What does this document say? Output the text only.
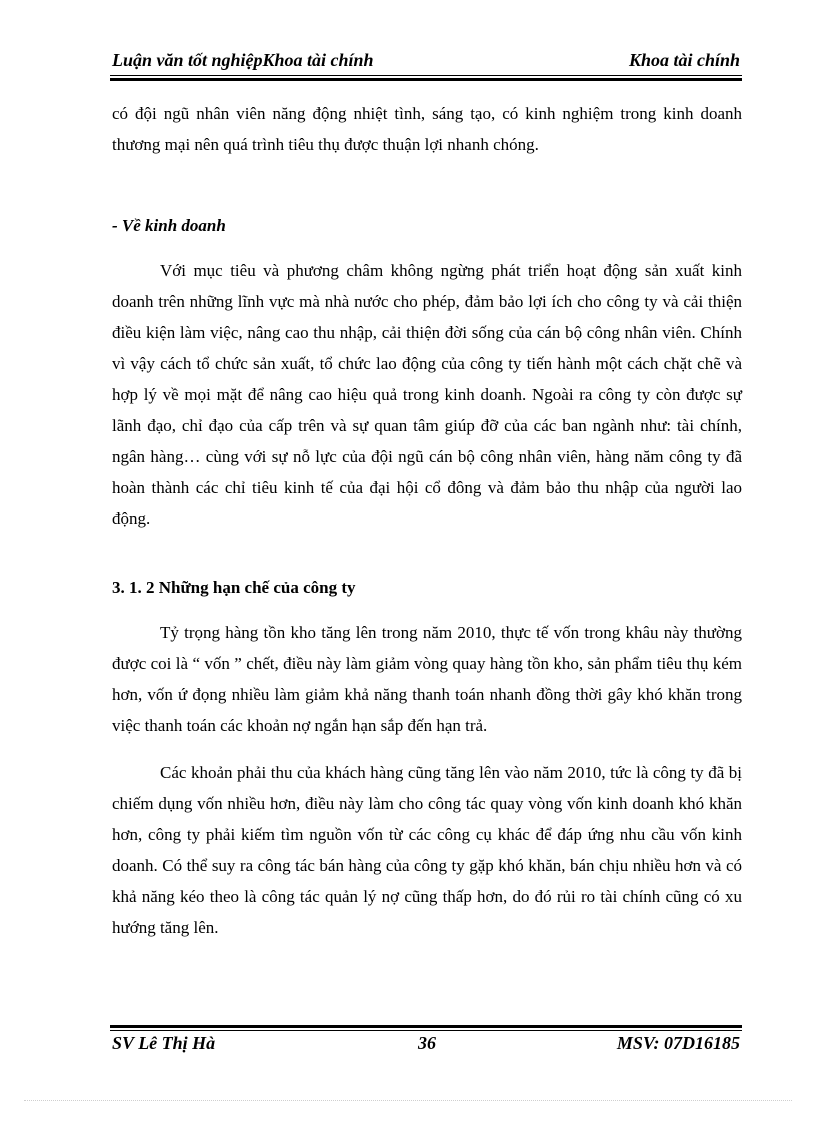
Luận văn tốt nghiệpKhoa tài chính	Khoa tài chính

có đội ngũ nhân viên năng động nhiệt tình, sáng tạo, có kinh nghiệm trong kinh doanh thương mại nên quá trình tiêu thụ được thuận lợi nhanh chóng.

- Về kinh doanh

Với mục tiêu và phương châm không ngừng phát triển hoạt động sản xuất kinh doanh trên những lĩnh vực mà nhà nước cho phép, đảm bảo lợi ích cho công ty và cải thiện điều kiện làm việc, nâng cao thu nhập, cải thiện đời sống của cán bộ công nhân viên. Chính vì vậy cách tổ chức sản xuất, tổ chức lao động của công ty tiến hành một cách chặt chẽ và hợp lý về mọi mặt để nâng cao hiệu quả trong kinh doanh. Ngoài ra công ty còn được sự lãnh đạo, chỉ đạo của cấp trên và sự quan tâm giúp đỡ của các ban ngành như: tài chính, ngân hàng… cùng với sự nỗ lực của đội ngũ cán bộ công nhân viên, hàng năm công ty đã hoàn thành các chỉ tiêu kinh tế của đại hội cổ đông và đảm bảo thu nhập của người lao động.

3. 1. 2 Những hạn chế của công ty

Tỷ trọng hàng tồn kho tăng lên trong năm 2010, thực tế vốn trong khâu này thường được coi là “ vốn ” chết, điều này làm giảm vòng quay hàng tồn kho, sản phẩm tiêu thụ kém hơn, vốn ứ đọng nhiều làm giảm khả năng thanh toán nhanh đồng thời gây khó khăn trong việc thanh toán các khoản nợ ngắn hạn sắp đến hạn trả.

Các khoản phải thu của khách hàng cũng tăng lên vào năm 2010, tức là công ty đã bị chiếm dụng vốn nhiều hơn, điều này làm cho công tác quay vòng vốn kinh doanh khó khăn hơn, công ty phải kiếm tìm nguồn vốn từ các công cụ khác để đáp ứng nhu cầu vốn kinh doanh. Có thể suy ra công tác bán hàng của công ty gặp khó khăn, bán chịu nhiều hơn và có khả năng kéo theo là công tác quản lý nợ cũng thấp hơn, do đó rủi ro tài chính cũng có xu hướng tăng lên.

SV Lê Thị Hà	36	MSV: 07D16185
